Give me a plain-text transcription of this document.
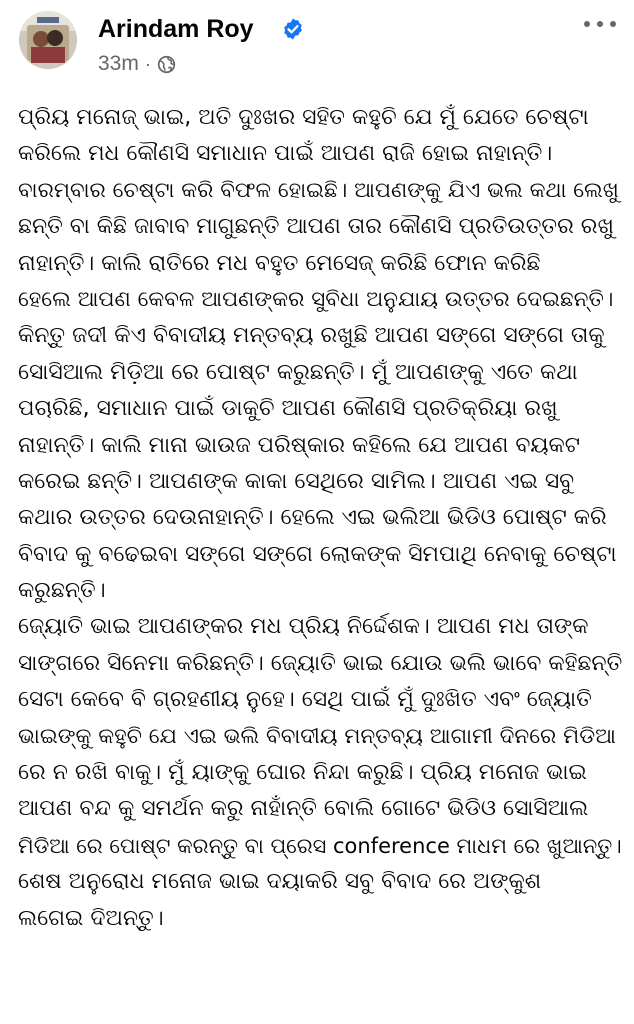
Arindam Roy
33m ·
ପ୍ରିୟ ମନୋଜ୍ ଭାଇ, ଅତି ଦୁଃଖର ସହିତ କହୁଚି ଯେ ମୁଁ ଯେତେ ଚେଷ୍ଟା
କରିଲେ ମଧ କୌଣସି ସମାଧାନ ପାଇଁ ଆପଣ ରାଜି ହୋଇ ନାହାନ୍ତି।
ବାରମ୍ବାର ଚେଷ୍ଟା କରି ବିଫଳ ହୋଇଛି। ଆପଣଙ୍କୁ ଯିଏ ଭଲ କଥା ଲେଖୁ
ଛନ୍ତି ବା କିଛି ଜାବାବ ମାଗୁଛନ୍ତି ଆପଣ ତାର କୌଣସି ପ୍ରତିଉତ୍ତର ରଖୁ
ନାହାନ୍ତି। କାଲି ରାତିରେ ମଧ ବହୁତ ମେସେଜ୍ କରିଛି ଫୋନ କରିଛି
ହେଲେ ଆପଣ କେବଳ ଆପଣଙ୍କର ସୁବିଧା ଅନୁଯାୟ ଉତ୍ତର ଦେଇଛନ୍ତି।
କିନ୍ତୁ ଜଦୀ କିଏ ବିବାଦୀୟ ମନ୍ତବ୍ୟ ରଖୁଛି ଆପଣ ସଙ୍ଗେ ସଙ୍ଗେ ତାକୁ
ସୋସିଆଲ ମିଡ଼ିଆ ରେ ପୋଷ୍ଟ କରୁଛନ୍ତି। ମୁଁ ଆପଣଙ୍କୁ ଏତେ କଥା
ପଚାରିଛି, ସମାଧାନ ପାଇଁ ଡାକୁଚି ଆପଣ କୌଣସି ପ୍ରତିକ୍ରିୟା ରଖୁ
ନାହାନ୍ତି। କାଲି ମାନା ଭାଉଜ ପରିଷ୍କାର କହିଲେ ଯେ ଆପଣ ବୟକଟ
କରେଇ ଛନ୍ତି। ଆପଣଙ୍କ କାକା ସେଥିରେ ସାମିଲ। ଆପଣ ଏଇ ସବୁ
କଥାର ଉତ୍ତର ଦେଉନାହାନ୍ତି। ହେଲେ ଏଇ ଭଲିଆ ଭିଡିଓ ପୋଷ୍ଟ କରି
ବିବାଦ କୁ ବଢେଇବା ସଙ୍ଗେ ସଙ୍ଗେ ଲୋକଙ୍କ ସିମପାଥି ନେବାକୁ ଚେଷ୍ଟା
କରୁଛନ୍ତି।
ଜ୍ୟୋତି ଭାଇ ଆପଣଙ୍କର ମଧ ପ୍ରିୟ ନିର୍ଦ୍ଦେଶକ। ଆପଣ ମଧ ତାଙ୍କ
ସାଙ୍ଗରେ ସିନେମା କରିଛନ୍ତି। ଜ୍ୟୋତି ଭାଇ ଯୋଉ ଭଲି ଭାବେ କହିଛନ୍ତି
ସେଟା କେବେ ବି ଗ୍ରହଣୀୟ ନୁହେ। ସେଥି ପାଇଁ ମୁଁ ଦୁଃଖିତ ଏବଂ ଜ୍ୟୋତି
ଭାଇଙ୍କୁ କହୁଚି ଯେ ଏଇ ଭଲି ବିବାଦୀୟ ମନ୍ତବ୍ୟ ଆଗାମୀ ଦିନରେ ମିଡିଆ
ରେ ନ ରଖି ବାକୁ। ମୁଁ ୟାଙ୍କୁ ଘୋର ନିନ୍ଦା କରୁଛି। ପ୍ରିୟ ମନୋଜ ଭାଇ
ଆପଣ ବନ୍ଦ କୁ ସମର୍ଥନ କରୁ ନାହାଁନ୍ତି ବୋଲି ଗୋଟେ ଭିଡିଓ ସୋସିଆଲ
ମିଡିଆ ରେ ପୋଷ୍ଟ କରନ୍ତୁ ବା ପ୍ରେସ conference ମାଧମ ରେ ଖୁଆନ୍ତୁ।
ଶେଷ ଅନୁରୋଧ ମନୋଜ ଭାଇ ଦୟାକରି ସବୁ ବିବାଦ ରେ ଅଙ୍କୁଶ
ଲଗେଇ ଦିଅନ୍ତୁ।
